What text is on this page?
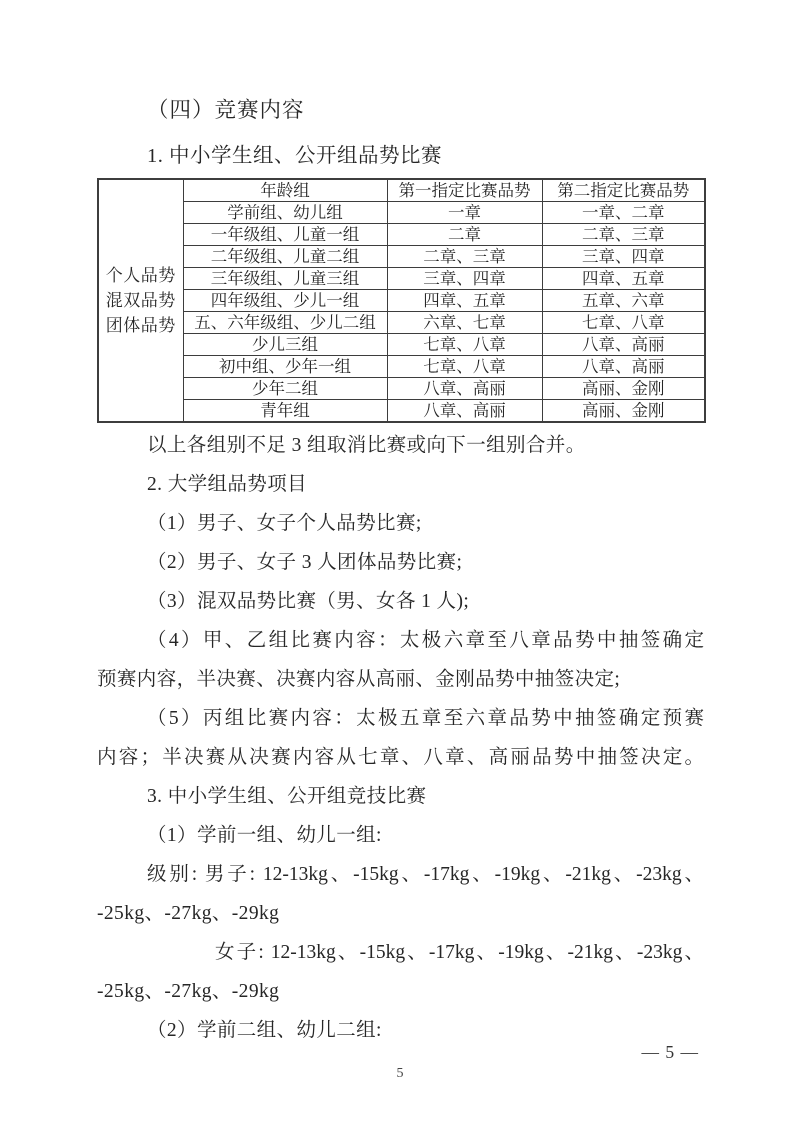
（四）竞赛内容
1. 中小学生组、公开组品势比赛
个人品势
混双品势
团体品势	年龄组	第一指定比赛品势	第二指定比赛品势
	学前组、幼儿组	一章	一章、二章
	一年级组、儿童一组	二章	二章、三章
	二年级组、儿童二组	二章、三章	三章、四章
	三年级组、儿童三组	三章、四章	四章、五章
	四年级组、少儿一组	四章、五章	五章、六章
	五、六年级组、少儿二组	六章、七章	七章、八章
	少儿三组	七章、八章	八章、高丽
	初中组、少年一组	七章、八章	八章、高丽
	少年二组	八章、高丽	高丽、金刚
	青年组	八章、高丽	高丽、金刚
以上各组别不足 3 组取消比赛或向下一组别合并。
2. 大学组品势项目
（1）男子、女子个人品势比赛;
（2）男子、女子 3 人团体品势比赛;
（3）混双品势比赛（男、女各 1 人);
（4）甲、乙组比赛内容：太极六章至八章品势中抽签确定
预赛内容，半决赛、决赛内容从高丽、金刚品势中抽签决定;
（5）丙组比赛内容：太极五章至六章品势中抽签确定预赛
内容；半决赛从决赛内容从七章、八章、高丽品势中抽签决定。
3. 中小学生组、公开组竞技比赛
（1）学前一组、幼儿一组:
级别: 男子: 12-13kg、-15kg、-17kg、-19kg、-21kg、-23kg、
-25kg、-27kg、-29kg
女子: 12-13kg、-15kg、-17kg、-19kg、-21kg、-23kg、
-25kg、-27kg、-29kg
（2）学前二组、幼儿二组:
— 5 —
5
